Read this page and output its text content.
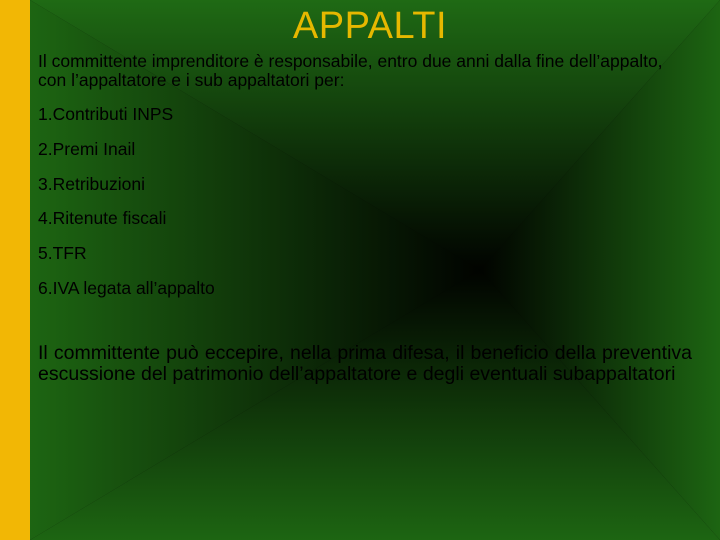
APPALTI
Il committente imprenditore è responsabile, entro due anni dalla fine dell’appalto, con l’appaltatore e i sub appaltatori per:
1.Contributi INPS
2.Premi Inail
3.Retribuzioni
4.Ritenute fiscali
5.TFR
6.IVA legata all’appalto
Il committente può eccepire, nella prima difesa, il beneficio della preventiva escussione del patrimonio dell’appaltatore e degli eventuali subappaltatori
